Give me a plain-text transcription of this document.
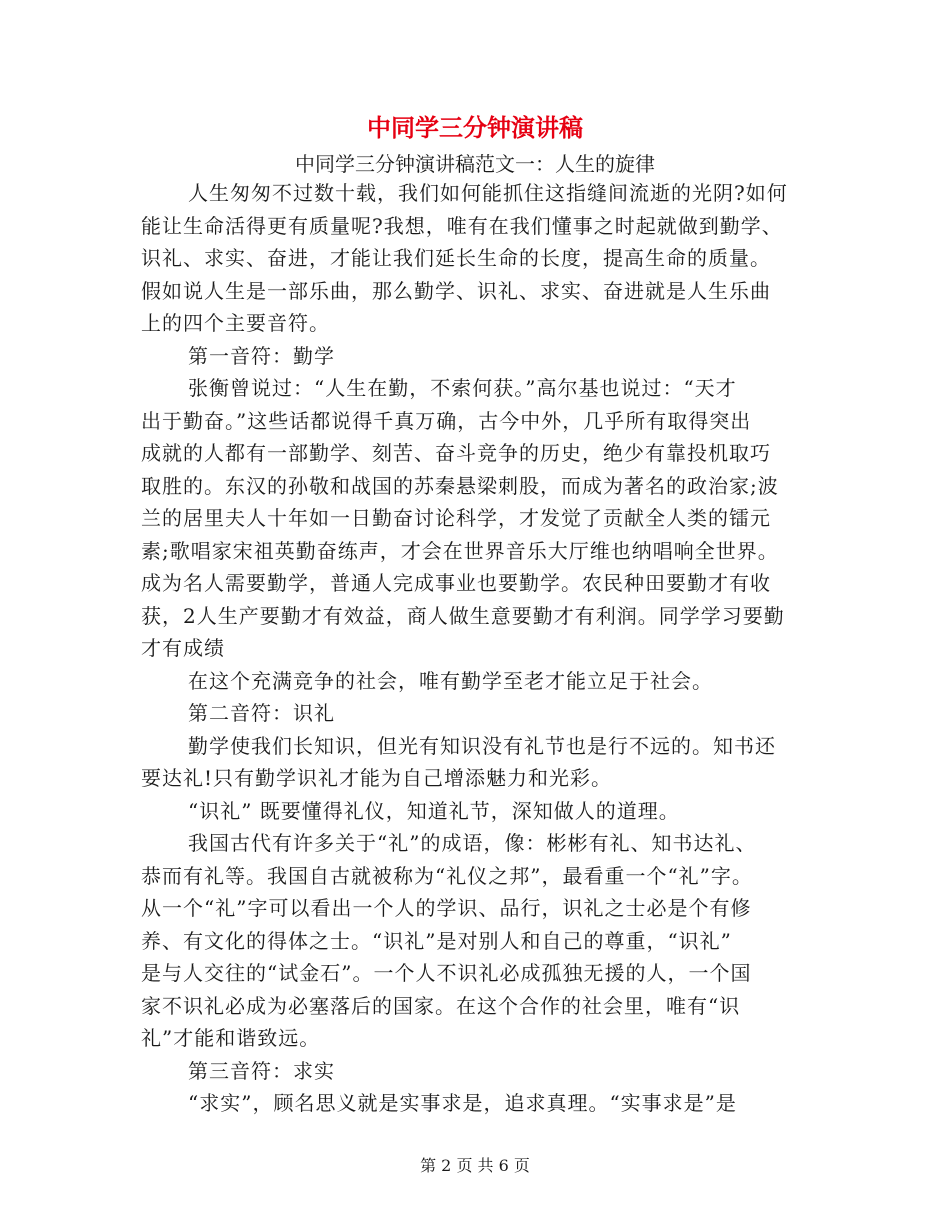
中同学三分钟演讲稿
中同学三分钟演讲稿范文一：人生的旋律
人生匆匆不过数十载，我们如何能抓住这指缝间流逝的光阴?如何
能让生命活得更有质量呢?我想，唯有在我们懂事之时起就做到勤学、
识礼、求实、奋进，才能让我们延长生命的长度，提高生命的质量。
假如说人生是一部乐曲，那么勤学、识礼、求实、奋进就是人生乐曲
上的四个主要音符。
第一音符：勤学
张衡曾说过：“人生在勤，不索何获。”高尔基也说过：“天才
出于勤奋。”这些话都说得千真万确，古今中外，几乎所有取得突出
成就的人都有一部勤学、刻苦、奋斗竞争的历史，绝少有靠投机取巧
取胜的。东汉的孙敬和战国的苏秦悬梁刺股，而成为著名的政治家;波
兰的居里夫人十年如一日勤奋讨论科学，才发觉了贡献全人类的镭元
素;歌唱家宋祖英勤奋练声，才会在世界音乐大厅维也纳唱响全世界。
成为名人需要勤学，普通人完成事业也要勤学。农民种田要勤才有收
获，2人生产要勤才有效益，商人做生意要勤才有利润。同学学习要勤
才有成绩
在这个充满竞争的社会，唯有勤学至老才能立足于社会。
第二音符：识礼
勤学使我们长知识，但光有知识没有礼节也是行不远的。知书还
要达礼!只有勤学识礼才能为自己增添魅力和光彩。
“识礼” 既要懂得礼仪，知道礼节，深知做人的道理。
我国古代有许多关于“礼”的成语，像：彬彬有礼、知书达礼、
恭而有礼等。我国自古就被称为“礼仪之邦”，最看重一个“礼”字。
从一个“礼”字可以看出一个人的学识、品行，识礼之士必是个有修
养、有文化的得体之士。“识礼”是对别人和自己的尊重，“识礼”
是与人交往的“试金石”。一个人不识礼必成孤独无援的人，一个国
家不识礼必成为必塞落后的国家。在这个合作的社会里，唯有“识
礼”才能和谐致远。
第三音符：求实
“求实”，顾名思义就是实事求是，追求真理。“实事求是”是
第 2 页 共 6 页
